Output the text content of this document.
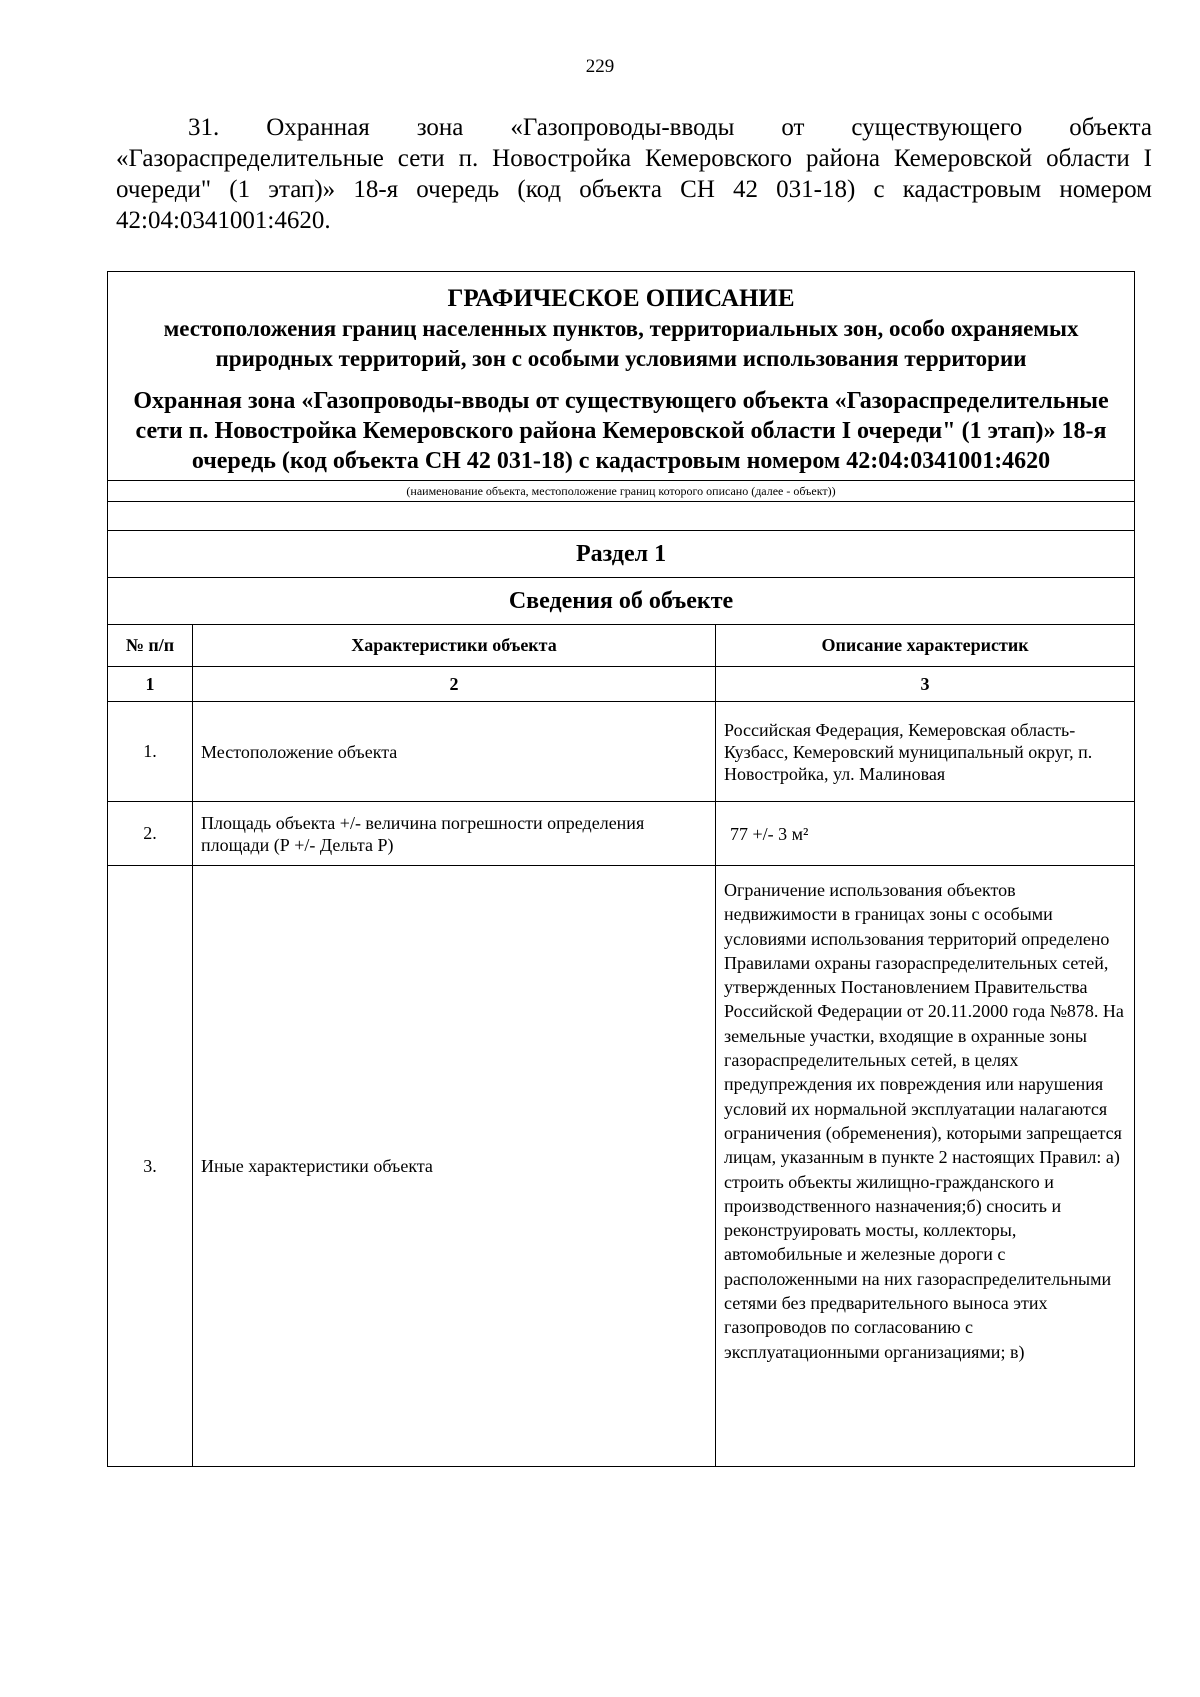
229
31. Охранная зона «Газопроводы-вводы от существующего объекта «Газораспределительные сети п. Новостройка Кемеровского района Кемеровской области I очереди" (1 этап)» 18-я очередь (код объекта СН 42 031-18) с кадастровым номером 42:04:0341001:4620.
ГРАФИЧЕСКОЕ ОПИСАНИЕ
местоположения границ населенных пунктов, территориальных зон, особо охраняемых природных территорий, зон с особыми условиями использования территории
Охранная зона «Газопроводы-вводы от существующего объекта «Газораспределительные сети п. Новостройка Кемеровского района Кемеровской области I очереди" (1 этап)» 18-я очередь (код объекта СН 42 031-18) с кадастровым номером 42:04:0341001:4620		

(наименование объекта, местоположение границ которого описано (далее - объект))		

Раздел 1		
Сведения об объекте		
№ п/п	Характеристики объекта	Описание характеристик
1	2	3
1.	Местоположение объекта	Российская Федерация, Кемеровская область-Кузбасс, Кемеровский муниципальный округ, п. Новостройка, ул. Малиновая
2.	Площадь объекта +/- величина погрешности определения площади (Р +/- Дельта Р)	77 +/- 3 м²
3.	Иные характеристики объекта	Ограничение использования объектов недвижимости в границах зоны с особыми условиями использования территорий определено Правилами охраны газораспределительных сетей, утвержденных Постановлением Правительства Российской Федерации от 20.11.2000 года №878. На земельные участки, входящие в охранные зоны газораспределительных сетей, в целях предупреждения их повреждения или нарушения условий их нормальной эксплуатации налагаются ограничения (обременения), которыми запрещается лицам, указанным в пункте 2 настоящих Правил: а) строить объекты жилищно-гражданского и производственного назначения;б) сносить и реконструировать мосты, коллекторы, автомобильные и железные дороги с расположенными на них газораспределительными сетями без предварительного выноса этих газопроводов по согласованию с эксплуатационными организациями; в)
